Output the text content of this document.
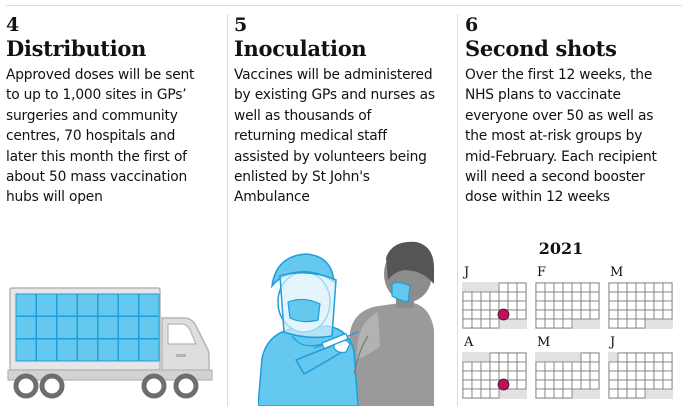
4

Distribution

Approved doses will be sent
to up to 1,000 sites in GPs’
surgeries and community
centres, 70 hospitals and
later this month the first of
about 50 mass vaccination
hubs will open

5

Inoculation

Vaccines will be administered
by existing GPs and nurses as
well as thousands of
returning medical staff
assisted by volunteers being
enlisted by St John's
Ambulance

6

Second shots

Over the first 12 weeks, the
NHS plans to vaccinate
everyone over 50 as well as
the most at-risk groups by
mid-February. Each recipient
will need a second booster
dose within 12 weeks
2021
J	F	M
A	M	J
